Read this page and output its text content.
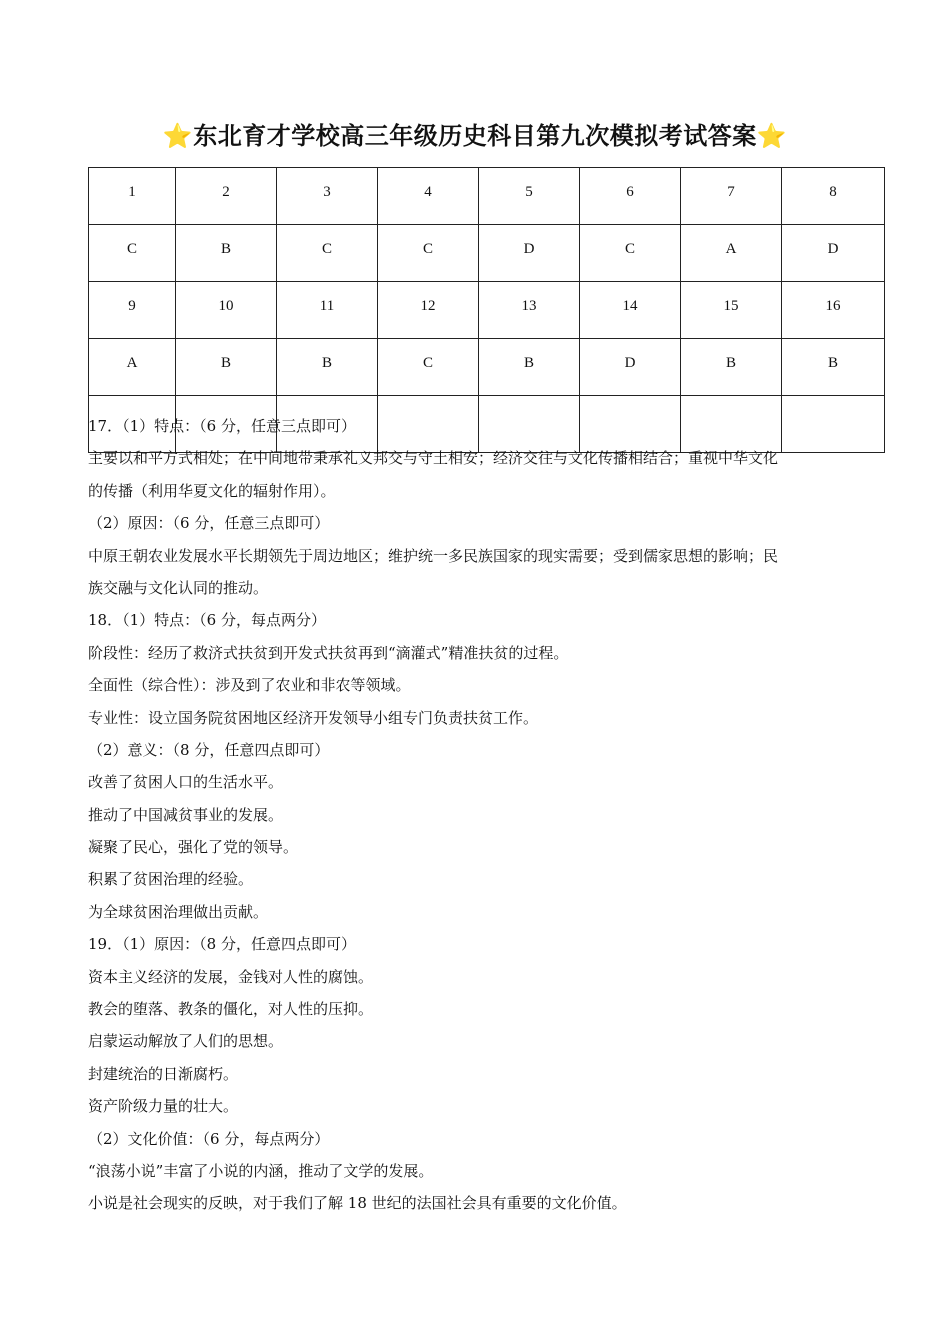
⭐东北育才学校高三年级历史科目第九次模拟考试答案⭐
1	2	3	4	5	6	7	8
C	B	C	C	D	C	A	D
9	10	11	12	13	14	15	16
A	B	B	C	B	D	B	B

17．（1）特点：（6 分，任意三点即可）
主要以和平方式相处；在中间地带秉承礼义邦交与守土相安；经济交往与文化传播相结合；重视中华文化
的传播（利用华夏文化的辐射作用）。
（2）原因：（6 分，任意三点即可）
中原王朝农业发展水平长期领先于周边地区；维护统一多民族国家的现实需要；受到儒家思想的影响；民
族交融与文化认同的推动。
18．（1）特点：（6 分，每点两分）
阶段性：经历了救济式扶贫到开发式扶贫再到“滴灌式”精准扶贫的过程。
全面性（综合性）：涉及到了农业和非农等领域。
专业性：设立国务院贫困地区经济开发领导小组专门负责扶贫工作。
（2）意义：（8 分，任意四点即可）
改善了贫困人口的生活水平。
推动了中国减贫事业的发展。
凝聚了民心，强化了党的领导。
积累了贫困治理的经验。
为全球贫困治理做出贡献。
19．（1）原因：（8 分，任意四点即可）
资本主义经济的发展，金钱对人性的腐蚀。
教会的堕落、教条的僵化，对人性的压抑。
启蒙运动解放了人们的思想。
封建统治的日渐腐朽。
资产阶级力量的壮大。
（2）文化价值：（6 分，每点两分）
“浪荡小说”丰富了小说的内涵，推动了文学的发展。
小说是社会现实的反映，对于我们了解 18 世纪的法国社会具有重要的文化价值。
